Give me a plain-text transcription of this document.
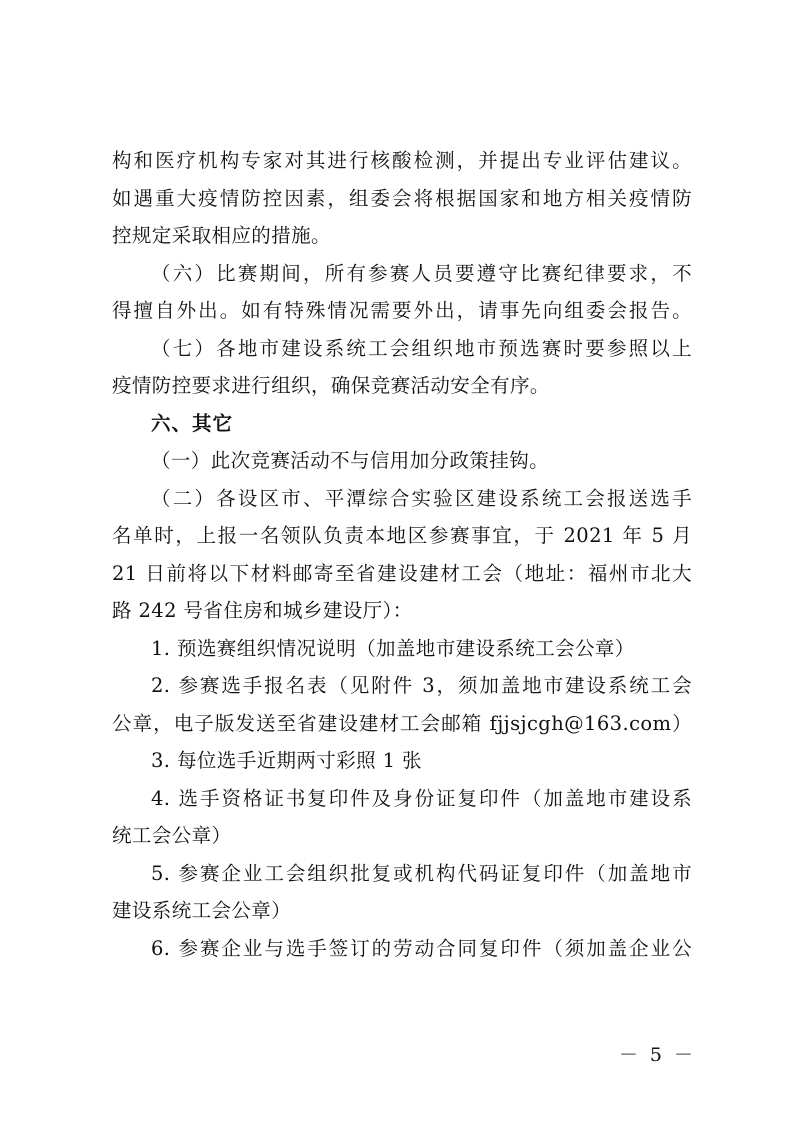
构和医疗机构专家对其进行核酸检测，并提出专业评估建议。
如遇重大疫情防控因素，组委会将根据国家和地方相关疫情防
控规定采取相应的措施。
（六）比赛期间，所有参赛人员要遵守比赛纪律要求，不
得擅自外出。如有特殊情况需要外出，请事先向组委会报告。
（七）各地市建设系统工会组织地市预选赛时要参照以上
疫情防控要求进行组织，确保竞赛活动安全有序。
六、其它
（一）此次竞赛活动不与信用加分政策挂钩。
（二）各设区市、平潭综合实验区建设系统工会报送选手
名单时，上报一名领队负责本地区参赛事宜，于 2021 年 5 月
21 日前将以下材料邮寄至省建设建材工会（地址：福州市北大
路 242 号省住房和城乡建设厅）：
1. 预选赛组织情况说明（加盖地市建设系统工会公章）
2. 参赛选手报名表（见附件 3，须加盖地市建设系统工会
公章，电子版发送至省建设建材工会邮箱 fjjsjcgh@163.com）
3. 每位选手近期两寸彩照 1 张
4. 选手资格证书复印件及身份证复印件（加盖地市建设系
统工会公章）
5. 参赛企业工会组织批复或机构代码证复印件（加盖地市
建设系统工会公章）
6. 参赛企业与选手签订的劳动合同复印件（须加盖企业公
－ 5 －
